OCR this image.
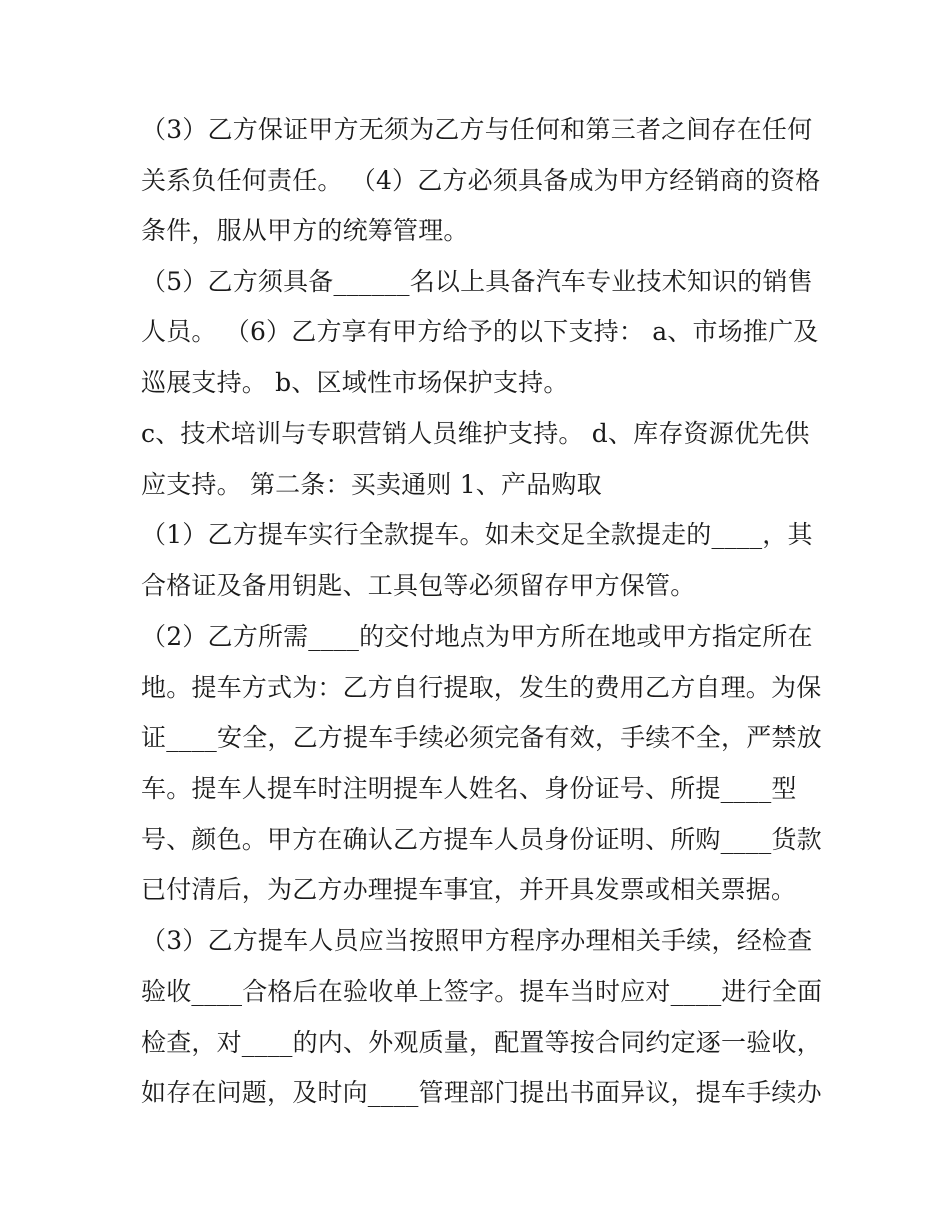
（3）乙方保证甲方无须为乙方与任何和第三者之间存在任何
关系负任何责任。 （4）乙方必须具备成为甲方经销商的资格
条件，服从甲方的统筹管理。
（5）乙方须具备______名以上具备汽车专业技术知识的销售
人员。 （6）乙方享有甲方给予的以下支持： a、市场推广及
巡展支持。 b、区域性市场保护支持。
c、技术培训与专职营销人员维护支持。 d、库存资源优先供
应支持。 第二条：买卖通则 1、产品购取
（1）乙方提车实行全款提车。如未交足全款提走的____，其
合格证及备用钥匙、工具包等必须留存甲方保管。
（2）乙方所需____的交付地点为甲方所在地或甲方指定所在
地。提车方式为：乙方自行提取，发生的费用乙方自理。为保
证____安全，乙方提车手续必须完备有效，手续不全，严禁放
车。提车人提车时注明提车人姓名、身份证号、所提____型
号、颜色。甲方在确认乙方提车人员身份证明、所购____货款
已付清后，为乙方办理提车事宜，并开具发票或相关票据。
（3）乙方提车人员应当按照甲方程序办理相关手续，经检查
验收____合格后在验收单上签字。提车当时应对____进行全面
检查，对____的内、外观质量，配置等按合同约定逐一验收，
如存在问题，及时向____管理部门提出书面异议，提车手续办
